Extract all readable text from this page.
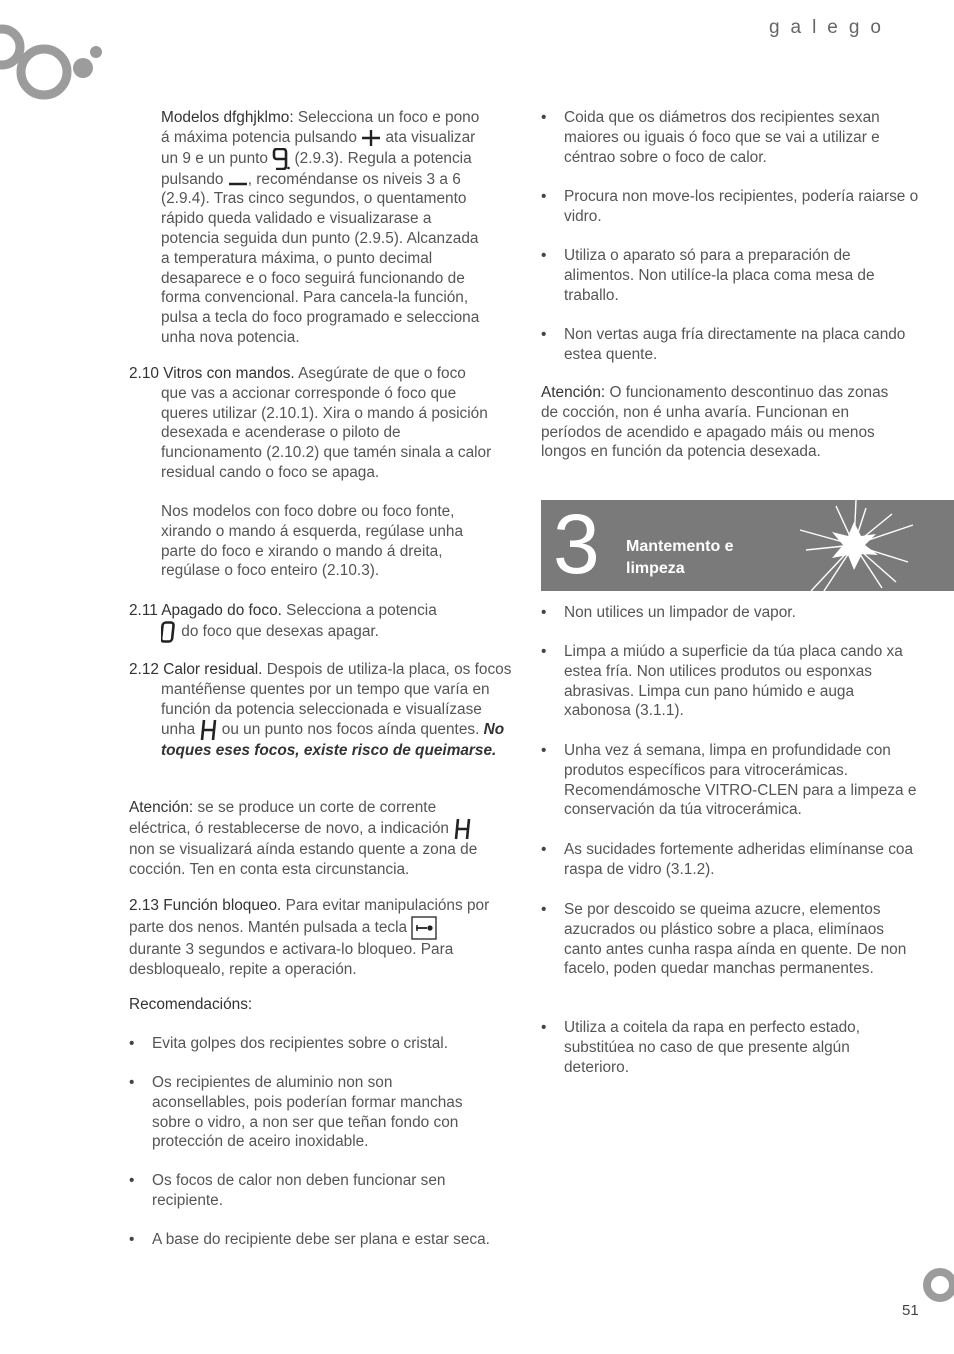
galego
Modelos dfghjklmo: Selecciona un foco e pono á máxima potencia pulsando  ata visualizar un 9 e un punto  (2.9.3). Regula a potencia pulsando , recoméndanse os niveis 3 a 6 (2.9.4). Tras cinco segundos, o quentamento rápido queda validado e visualizarase a potencia seguida dun punto (2.9.5). Alcanzada a temperatura máxima, o punto decimal desaparece e o foco seguirá funcionando de forma convencional. Para cancela-la función, pulsa a tecla do foco programado e selecciona unha nova potencia.
2.10 Vitros con mandos. Asegúrate de que o foco que vas a accionar corresponde ó foco que queres utilizar (2.10.1). Xira o mando á posición desexada e acenderase o piloto de funcionamento (2.10.2) que tamén sinala a calor residual cando o foco se apaga.
Nos modelos con foco dobre ou foco fonte, xirando o mando á esquerda, regúlase unha parte do foco e xirando o mando á dreita, regúlase o foco enteiro (2.10.3).
2.11 Apagado do foco. Selecciona a potencia
do foco que desexas apagar.
2.12 Calor residual. Despois de utiliza-la placa, os focos mantéñense quentes por un tempo que varía en función da potencia seleccionada e visualízase unha  ou un punto nos focos aínda quentes. No toques eses focos, existe risco de queimarse.
Atención: se se produce un corte de corrente eléctrica, ó restablecerse de novo, a indicación  non se visualizará aínda estando quente a zona de cocción. Ten en conta esta circunstancia.
2.13 Función bloqueo. Para evitar manipulacións por parte dos nenos. Mantén pulsada a tecla  durante 3 segundos e activara-lo bloqueo. Para desbloquealo, repite a operación.
Recomendacións:
• Evita golpes dos recipientes sobre o cristal.
• Os recipientes de aluminio non son aconsellables, pois poderían formar manchas sobre o vidro, a non ser que teñan fondo con protección de aceiro inoxidable.
• Os focos de calor non deben funcionar sen recipiente.
• A base do recipiente debe ser plana e estar seca.
• Coida que os diámetros dos recipientes sexan maiores ou iguais ó foco que se vai a utilizar e céntrao sobre o foco de calor.
• Procura non move-los recipientes, podería raiarse o vidro.
• Utiliza o aparato só para a preparación de alimentos. Non utilíce-la placa coma mesa de traballo.
• Non vertas auga fría directamente na placa cando estea quente.
Atención: O funcionamento descontinuo das zonas de cocción, non é unha avaría. Funcionan en períodos de acendido e apagado máis ou menos longos en función da potencia desexada.
3 Mantemento e
limpeza
• Non utilices un limpador de vapor.
• Limpa a miúdo a superficie da túa placa cando xa estea fría. Non utilices produtos ou esponxas abrasivas. Limpa cun pano húmido e auga xabonosa (3.1.1).
• Unha vez á semana, limpa en profundidade con produtos específicos para vitrocerámicas. Recomendámosche VITRO-CLEN para a limpeza e conservación da túa vitrocerámica.
• As sucidades fortemente adheridas elimínanse coa raspa de vidro (3.1.2).
• Se por descoido se queima azucre, elementos azucrados ou plástico sobre a placa, elimínaos canto antes cunha raspa aínda en quente. De non facelo, poden quedar manchas permanentes.
• Utiliza a coitela da rapa en perfecto estado, substitúea no caso de que presente algún deterioro.
51
